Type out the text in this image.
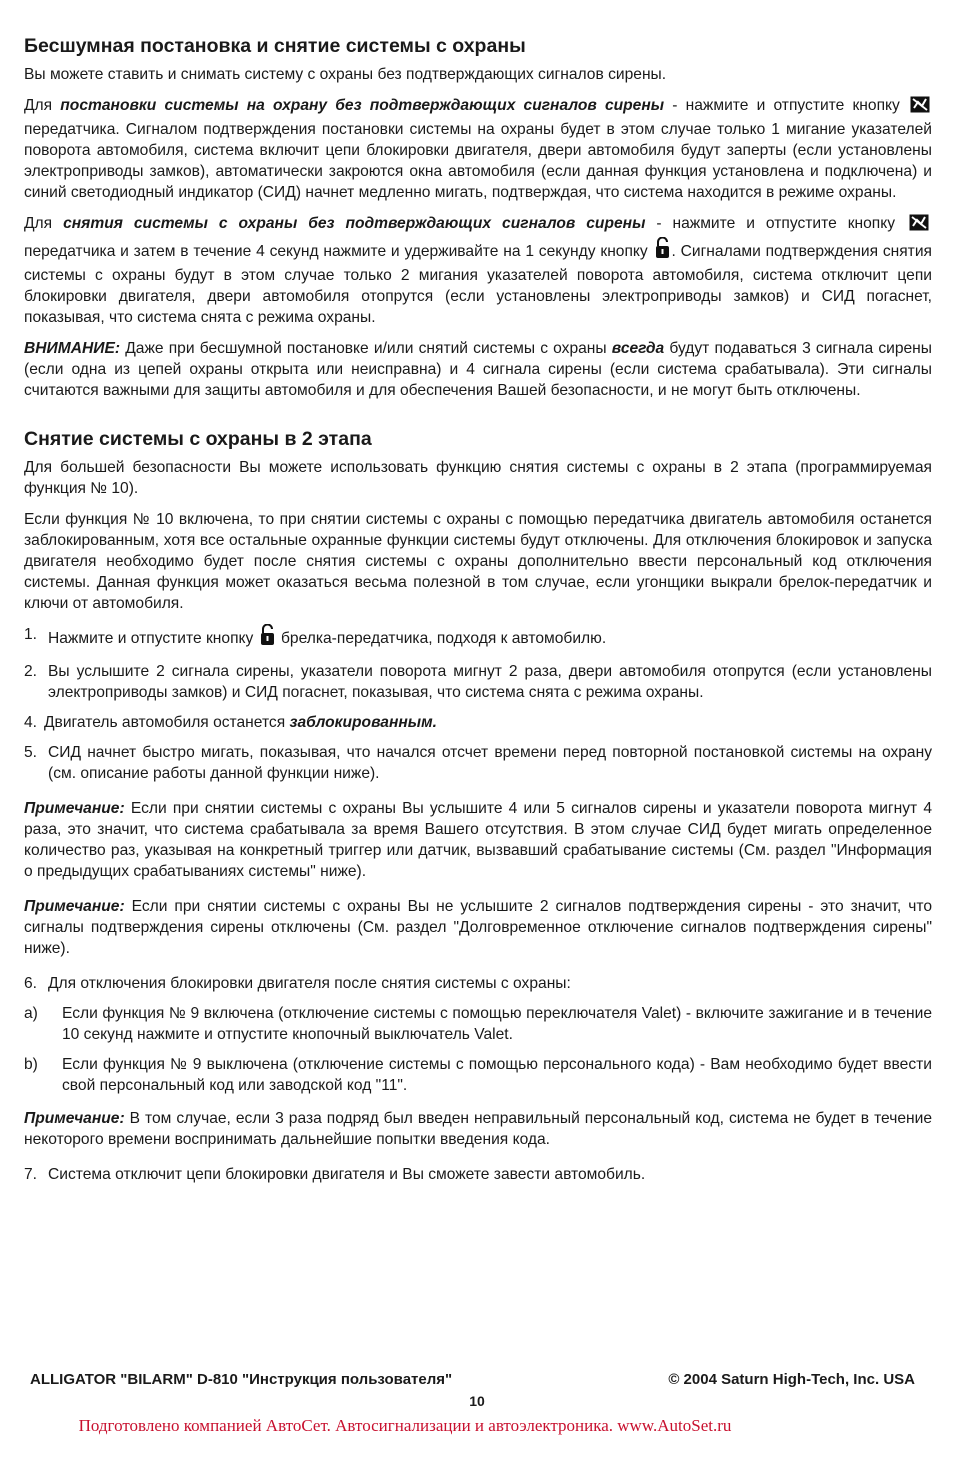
Бесшумная постановка и снятие системы с охраны

Вы можете ставить и снимать систему с охраны без подтверждающих сигналов сирены.

Для постановки системы на охрану без подтверждающих сигналов сирены - нажмите и отпустите кнопку  передатчика. Сигналом подтверждения постановки системы на охраны будет в этом случае только 1 мигание указателей поворота автомобиля, система включит цепи блокировки двигателя, двери автомобиля будут заперты (если установлены электроприводы замков), автоматически закроются окна автомобиля (если данная функция установлена и подключена) и синий светодиодный индикатор (СИД) начнет медленно мигать, подтверждая, что система находится в режиме охраны.

Для снятия системы с охраны без подтверждающих сигналов сирены - нажмите и отпустите кнопку  передатчика и затем в течение 4 секунд нажмите и удерживайте на 1 секунду кнопку . Сигналами подтверждения снятия системы с охраны будут в этом случае только 2 мигания указателей поворота автомобиля, система отключит цепи блокировки двигателя, двери автомобиля отопрутся (если установлены электроприводы замков) и СИД погаснет, показывая, что система снята с режима охраны.

ВНИМАНИЕ: Даже при бесшумной постановке и/или снятий системы с охраны всегда будут подаваться 3 сигнала сирены (если одна из цепей охраны открыта или неисправна) и 4 сигнала сирены (если система срабатывала). Эти сигналы считаются важными для защиты автомобиля и для обеспечения Вашей безопасности, и не могут быть отключены.

Снятие системы с охраны в 2 этапа

Для большей безопасности Вы можете использовать функцию снятия системы с охраны в 2 этапа (программируемая функция № 10).

Если функция № 10 включена, то при снятии системы с охраны с помощью передатчика двигатель автомобиля останется заблокированным, хотя все остальные охранные функции системы будут отключены. Для отключения блокировок и запуска двигателя необходимо будет после снятия системы с охраны дополнительно ввести персональный код отключения системы. Данная функция может оказаться весьма полезной в том случае, если угонщики выкрали брелок-передатчик и ключи от автомобиля.

1. Нажмите и отпустите кнопку  брелка-передатчика, подходя к автомобилю.
2. Вы услышите 2 сигнала сирены, указатели поворота мигнут 2 раза, двери автомобиля отопрутся (если установлены электроприводы замков) и СИД погаснет, показывая, что система снята с режима охраны.
4. Двигатель автомобиля останется заблокированным.
5. СИД начнет быстро мигать, показывая, что начался отсчет времени перед повторной постановкой системы на охрану (см. описание работы данной функции ниже).

Примечание: Если при снятии системы с охраны Вы услышите 4 или 5 сигналов сирены и указатели поворота мигнут 4 раза, это значит, что система срабатывала за время Вашего отсутствия. В этом случае СИД будет мигать определенное количество раз, указывая на конкретный триггер или датчик, вызвавший срабатывание системы (См. раздел "Информация о предыдущих срабатываниях системы" ниже).

Примечание: Если при снятии системы с охраны Вы не услышите 2 сигналов подтверждения сирены - это значит, что сигналы подтверждения сирены отключены (См. раздел "Долговременное отключение сигналов подтверждения сирены" ниже).

6. Для отключения блокировки двигателя после снятия системы с охраны:
a)	Если функция № 9 включена (отключение системы с помощью переключателя Valet) - включите зажигание и в течение 10 секунд нажмите и отпустите кнопочный выключатель Valet.
b)	Если функция № 9 выключена (отключение системы с помощью персонального кода) - Вам необходимо будет ввести свой персональный код или заводской код "11".

Примечание: В том случае, если 3 раза подряд был введен неправильный персональный код, система не будет в течение некоторого времени воспринимать дальнейшие попытки введения кода.

7. Система отключит цепи блокировки двигателя и Вы сможете завести автомобиль.
ALLIGATOR "BILARM" D-810 "Инструкция пользователя"	© 2004 Saturn High-Tech, Inc. USA
10
Подготовлено компанией АвтоСет. Автосигнализации и автоэлектроника. www.AutoSet.ru
